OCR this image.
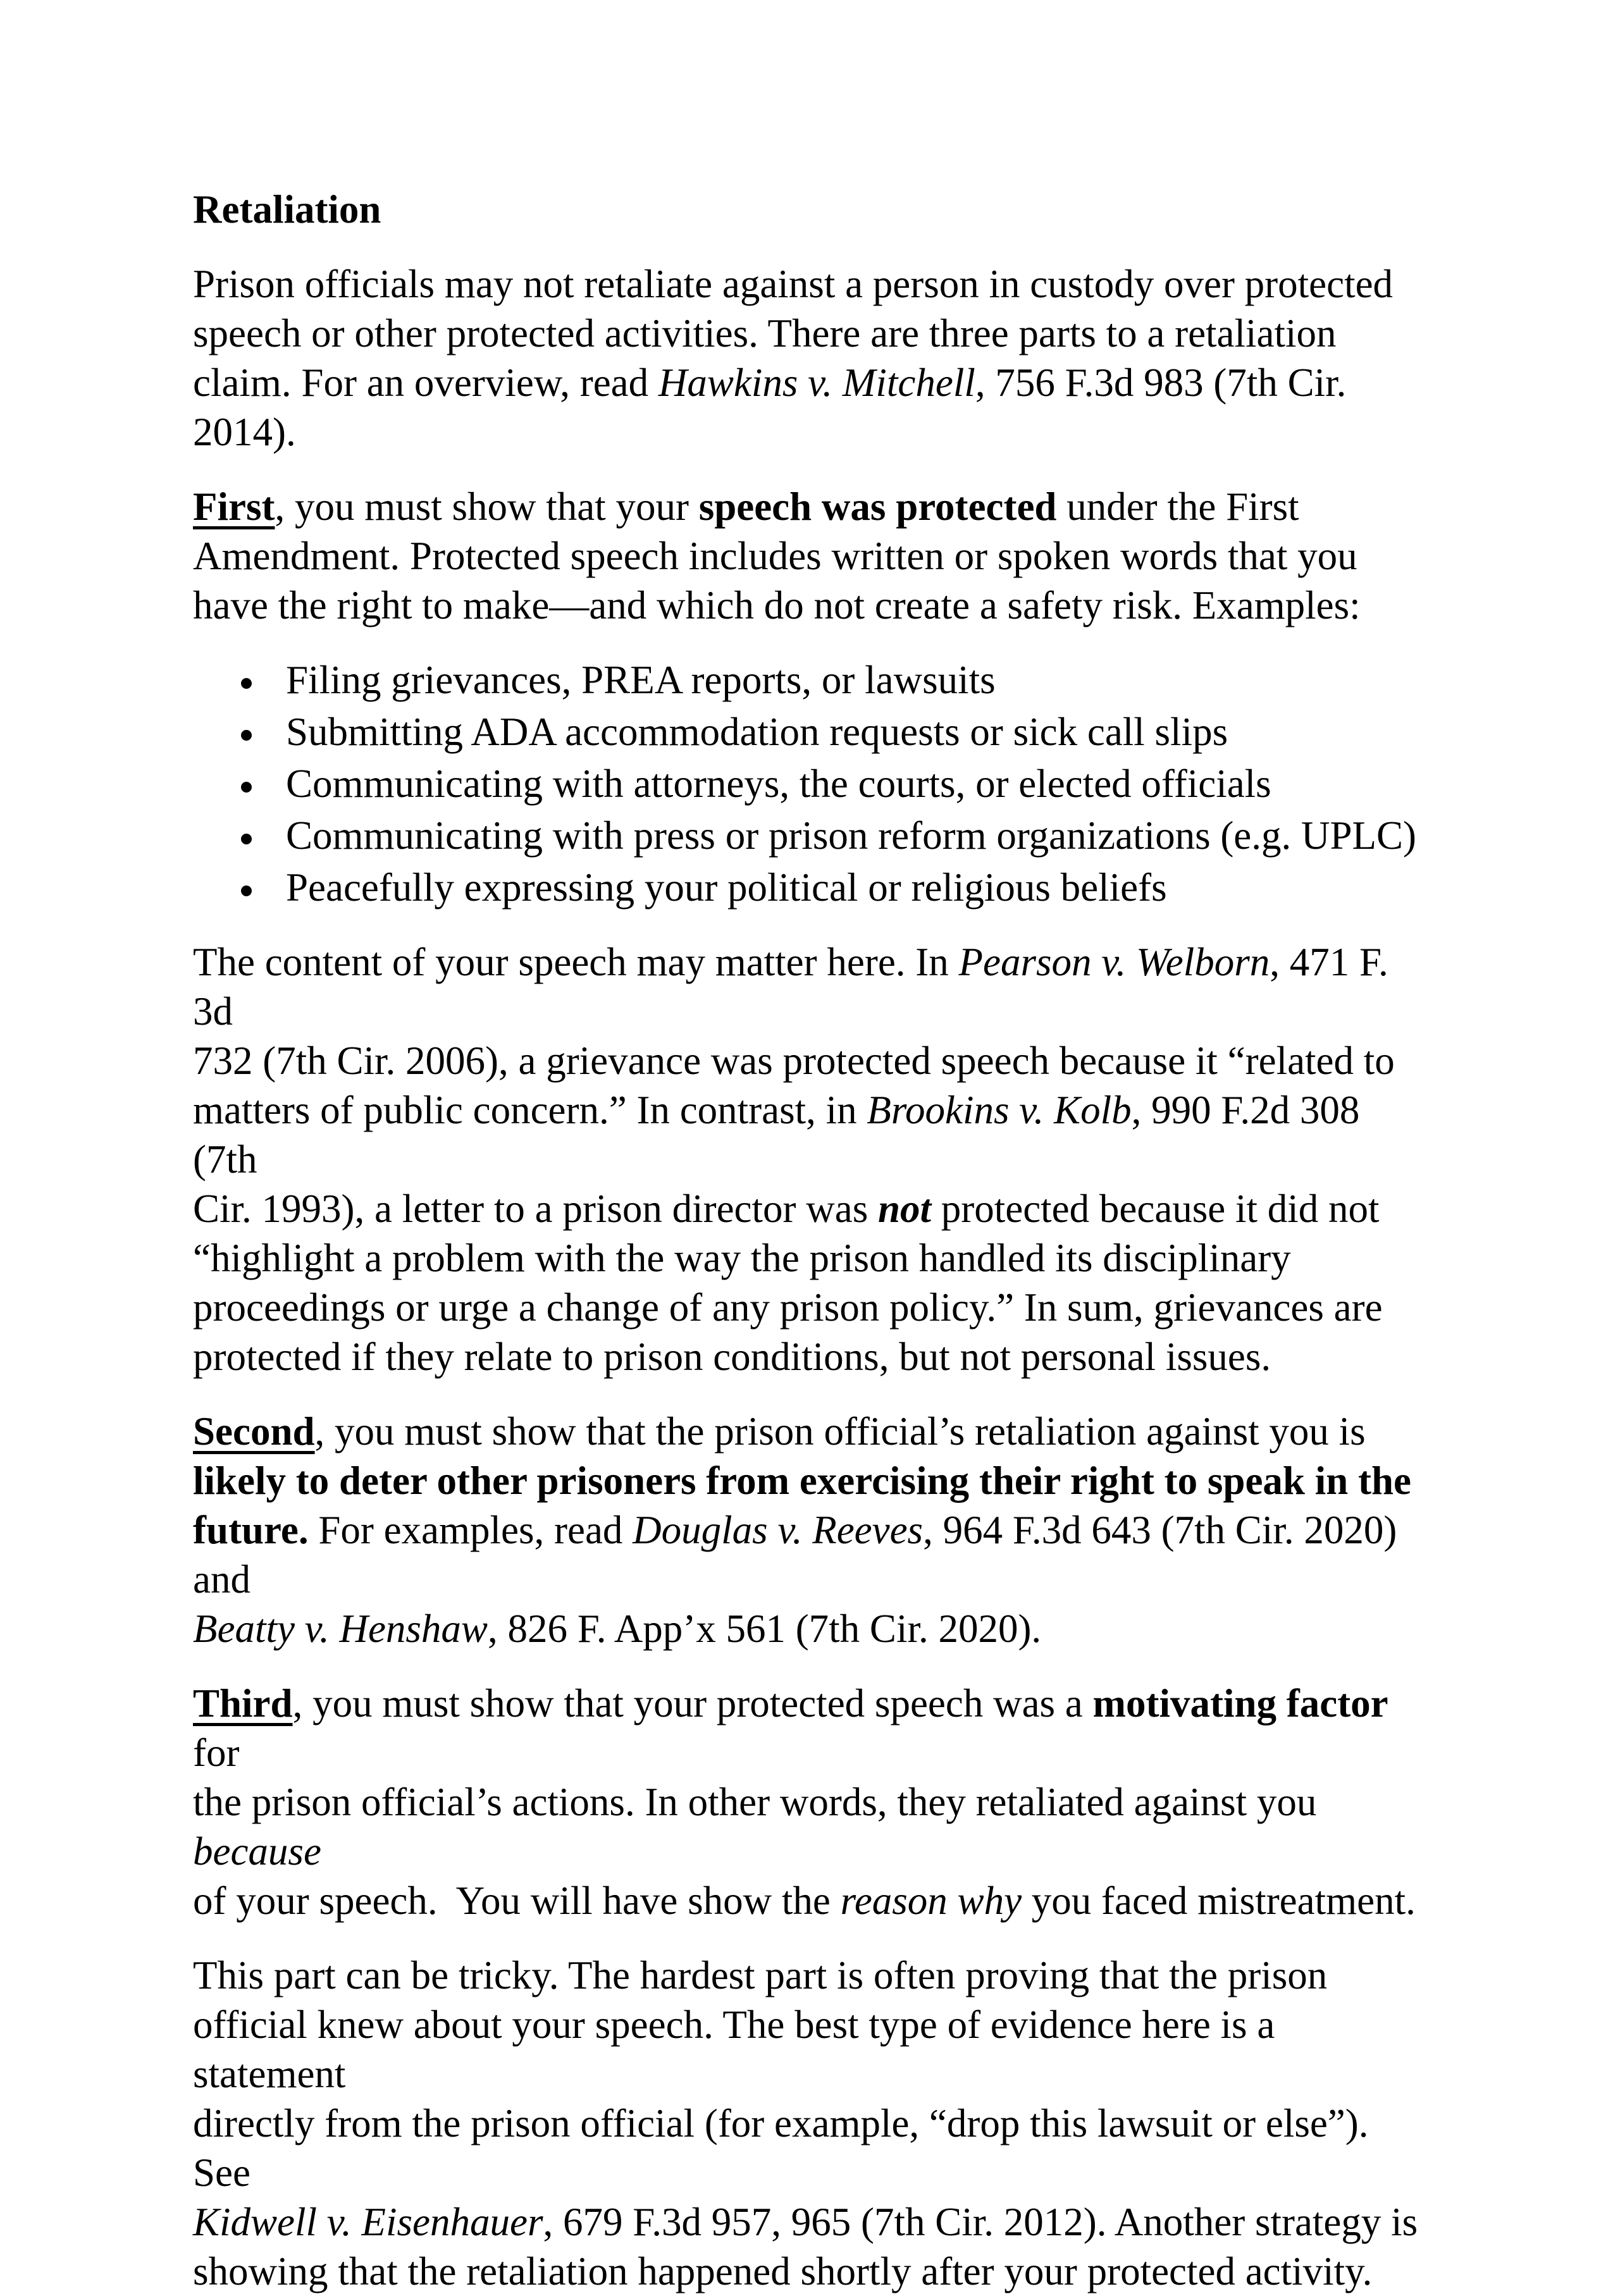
Retaliation

Prison officials may not retaliate against a person in custody over protected
speech or other protected activities. There are three parts to a retaliation
claim. For an overview, read Hawkins v. Mitchell, 756 F.3d 983 (7th Cir. 2014).

First, you must show that your speech was protected under the First
Amendment. Protected speech includes written or spoken words that you
have the right to make—and which do not create a safety risk. Examples:

Filing grievances, PREA reports, or lawsuits
Submitting ADA accommodation requests or sick call slips
Communicating with attorneys, the courts, or elected officials
Communicating with press or prison reform organizations (e.g. UPLC)
Peacefully expressing your political or religious beliefs

The content of your speech may matter here. In Pearson v. Welborn, 471 F. 3d
732 (7th Cir. 2006), a grievance was protected speech because it “related to
matters of public concern.” In contrast, in Brookins v. Kolb, 990 F.2d 308 (7th
Cir. 1993), a letter to a prison director was not protected because it did not
“highlight a problem with the way the prison handled its disciplinary
proceedings or urge a change of any prison policy.” In sum, grievances are
protected if they relate to prison conditions, but not personal issues.

Second, you must show that the prison official’s retaliation against you is
likely to deter other prisoners from exercising their right to speak in the
future. For examples, read Douglas v. Reeves, 964 F.3d 643 (7th Cir. 2020) and
Beatty v. Henshaw, 826 F. App’x 561 (7th Cir. 2020).

Third, you must show that your protected speech was a motivating factor for
the prison official’s actions. In other words, they retaliated against you because
of your speech.  You will have show the reason why you faced mistreatment.

This part can be tricky. The hardest part is often proving that the prison
official knew about your speech. The best type of evidence here is a statement
directly from the prison official (for example, “drop this lawsuit or else”). See
Kidwell v. Eisenhauer, 679 F.3d 957, 965 (7th Cir. 2012). Another strategy is
showing that the retaliation happened shortly after your protected activity.
